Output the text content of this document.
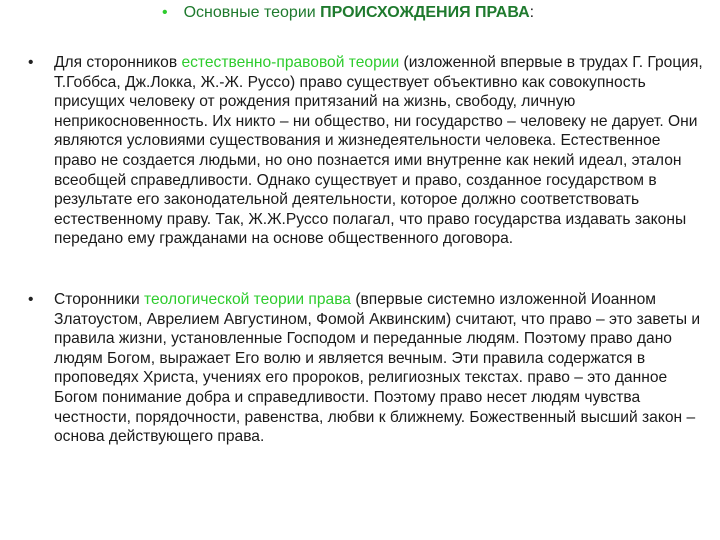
• Основные теории ПРОИСХОЖДЕНИЯ ПРАВА:
• Для сторонников естественно-правовой теории (изложенной впервые в трудах Г. Гроция, Т.Гоббса, Дж.Локка, Ж.-Ж. Руссо) право существует объективно как совокупность присущих человеку от рождения притязаний на жизнь, свободу, личную неприкосновенность. Их никто – ни общество, ни государство – человеку не дарует. Они являются условиями существования и жизнедеятельности человека. Естественное право не создается людьми, но оно познается ими внутренне как некий идеал, эталон всеобщей справедливости. Однако существует и право, созданное государством в результате его законодательной деятельности, которое должно соответствовать естественному праву. Так, Ж.Ж.Руссо полагал, что право государства издавать законы передано ему гражданами на основе общественного договора.
• Сторонники теологической теории права (впервые системно изложенной Иоанном Златоустом, Аврелием Августином, Фомой Аквинским) считают, что право – это заветы и правила жизни, установленные Господом и переданные людям. Поэтому право дано людям Богом, выражает Его волю и является вечным. Эти правила содержатся в проповедях Христа, учениях его пророков, религиозных текстах. право – это данное Богом понимание добра и справедливости. Поэтому право несет людям чувства честности, порядочности, равенства, любви к ближнему. Божественный высший закон – основа действующего права.
